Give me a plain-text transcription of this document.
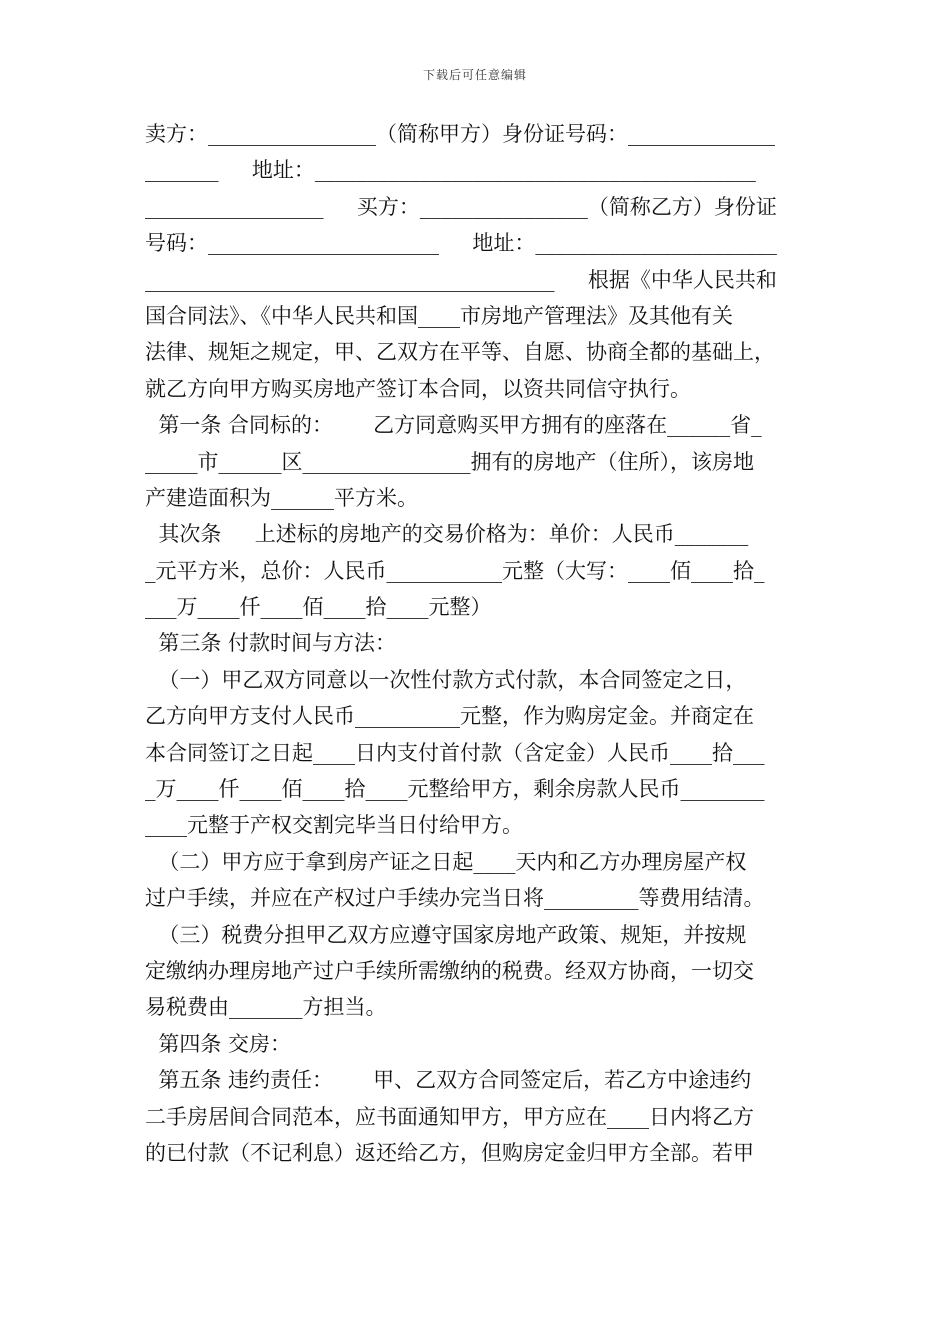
下载后可任意编辑
卖方：________________（简称甲方）身份证号码：______________
_______     地址：__________________________________________
_________________     买方：________________（简称乙方）身份证
号码：______________________     地址：_______________________
_______________________________________     根据《中华人民共和
国合同法》、《中华人民共和国____市房地产管理法》及其他有关
法律、规矩之规定，甲、乙双方在平等、自愿、协商全都的基础上，
就乙方向甲方购买房地产签订本合同，以资共同信守执行。
第一条 合同标的：      乙方同意购买甲方拥有的座落在______省_
_____市______区________________拥有的房地产（住所），该房地
产建造面积为______平方米。
其次条     上述标的房地产的交易价格为：单价：人民币_______
_元平方米，总价：人民币___________元整（大写：____佰____拾_
___万____仟____佰____拾____元整）
第三条 付款时间与方法：
（一）甲乙双方同意以一次性付款方式付款，本合同签定之日，
乙方向甲方支付人民币__________元整，作为购房定金。并商定在
本合同签订之日起____日内支付首付款（含定金）人民币____拾___
_万____仟____佰____拾____元整给甲方，剩余房款人民币________
____元整于产权交割完毕当日付给甲方。
（二）甲方应于拿到房产证之日起____天内和乙方办理房屋产权
过户手续，并应在产权过户手续办完当日将_________等费用结清。
（三）税费分担甲乙双方应遵守国家房地产政策、规矩，并按规
定缴纳办理房地产过户手续所需缴纳的税费。经双方协商，一切交
易税费由_______方担当。
第四条 交房：
第五条 违约责任：      甲、乙双方合同签定后，若乙方中途违约
二手房居间合同范本，应书面通知甲方，甲方应在____日内将乙方
的已付款（不记利息）返还给乙方，但购房定金归甲方全部。若甲
